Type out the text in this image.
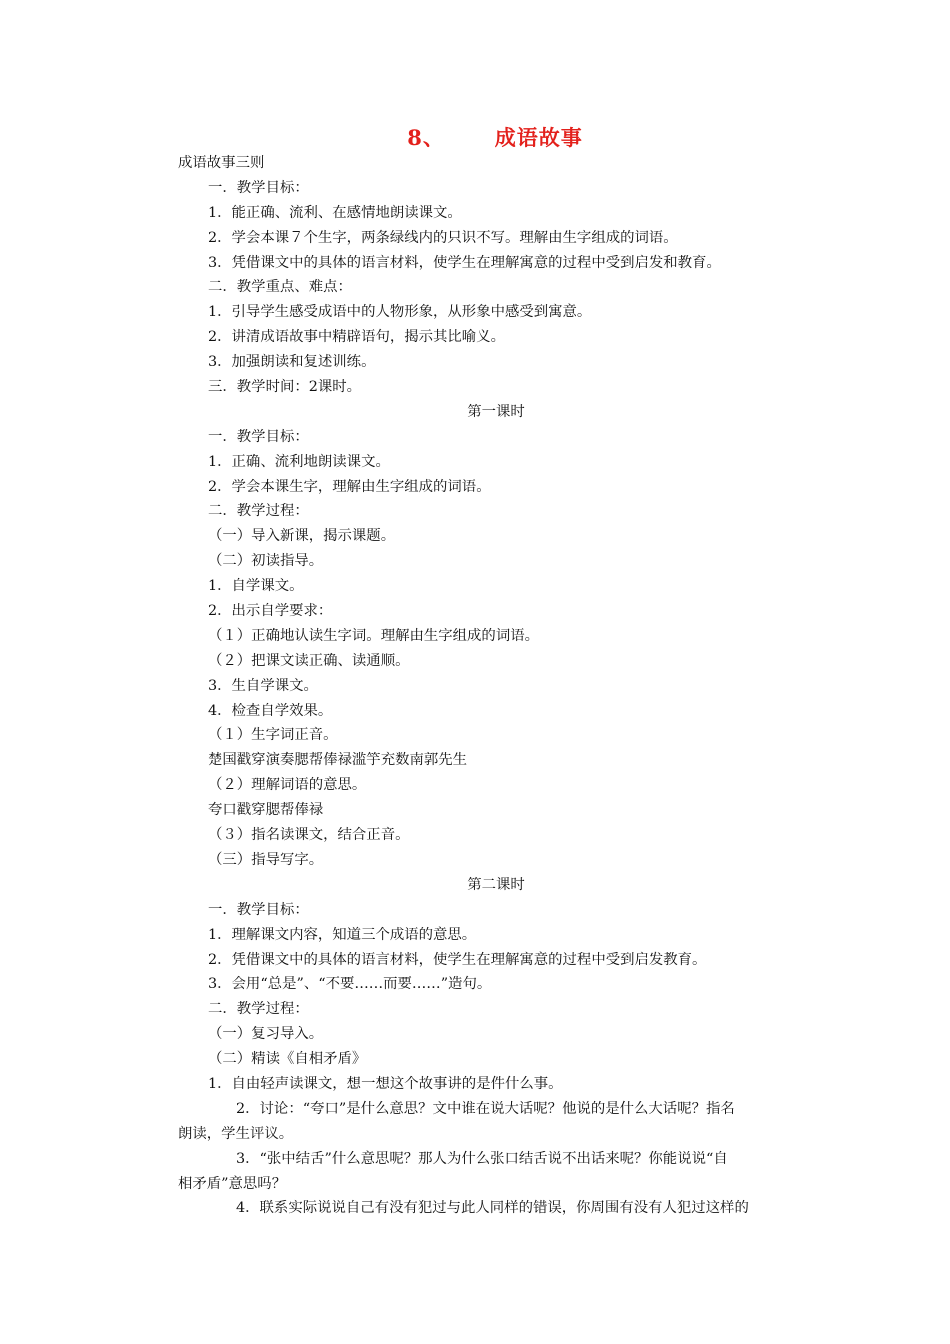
8、      成语故事
成语故事三则
一．教学目标：
1．能正确、流利、在感情地朗读课文。
2．学会本课７个生字，两条绿线内的只识不写。理解由生字组成的词语。
3．凭借课文中的具体的语言材料，使学生在理解寓意的过程中受到启发和教育。
二．教学重点、难点：
1．引导学生感受成语中的人物形象，从形象中感受到寓意。
2．讲清成语故事中精辟语句，揭示其比喻义。
3．加强朗读和复述训练。
三．教学时间：2课时。
第一课时
一．教学目标：
1．正确、流利地朗读课文。
2．学会本课生字，理解由生字组成的词语。
二．教学过程：
（一）导入新课，揭示课题。
（二）初读指导。
1．自学课文。
2．出示自学要求：
（１）正确地认读生字词。理解由生字组成的词语。
（２）把课文读正确、读通顺。
3．生自学课文。
4．检查自学效果。
（１）生字词正音。
楚国戳穿演奏腮帮俸禄滥竽充数南郭先生
（２）理解词语的意思。
夸口戳穿腮帮俸禄
（３）指名读课文，结合正音。
（三）指导写字。
第二课时
一．教学目标：
1．理解课文内容，知道三个成语的意思。
2．凭借课文中的具体的语言材料，使学生在理解寓意的过程中受到启发教育。
3．会用“总是”、“不要……而要……”造句。
二．教学过程：
（一）复习导入。
（二）精读《自相矛盾》
1．自由轻声读课文，想一想这个故事讲的是件什么事。
2．讨论：“夸口”是什么意思？文中谁在说大话呢？他说的是什么大话呢？指名
朗读，学生评议。
3．“张中结舌”什么意思呢？那人为什么张口结舌说不出话来呢？你能说说“自
相矛盾”意思吗？
4．联系实际说说自己有没有犯过与此人同样的错误，你周围有没有人犯过这样的
